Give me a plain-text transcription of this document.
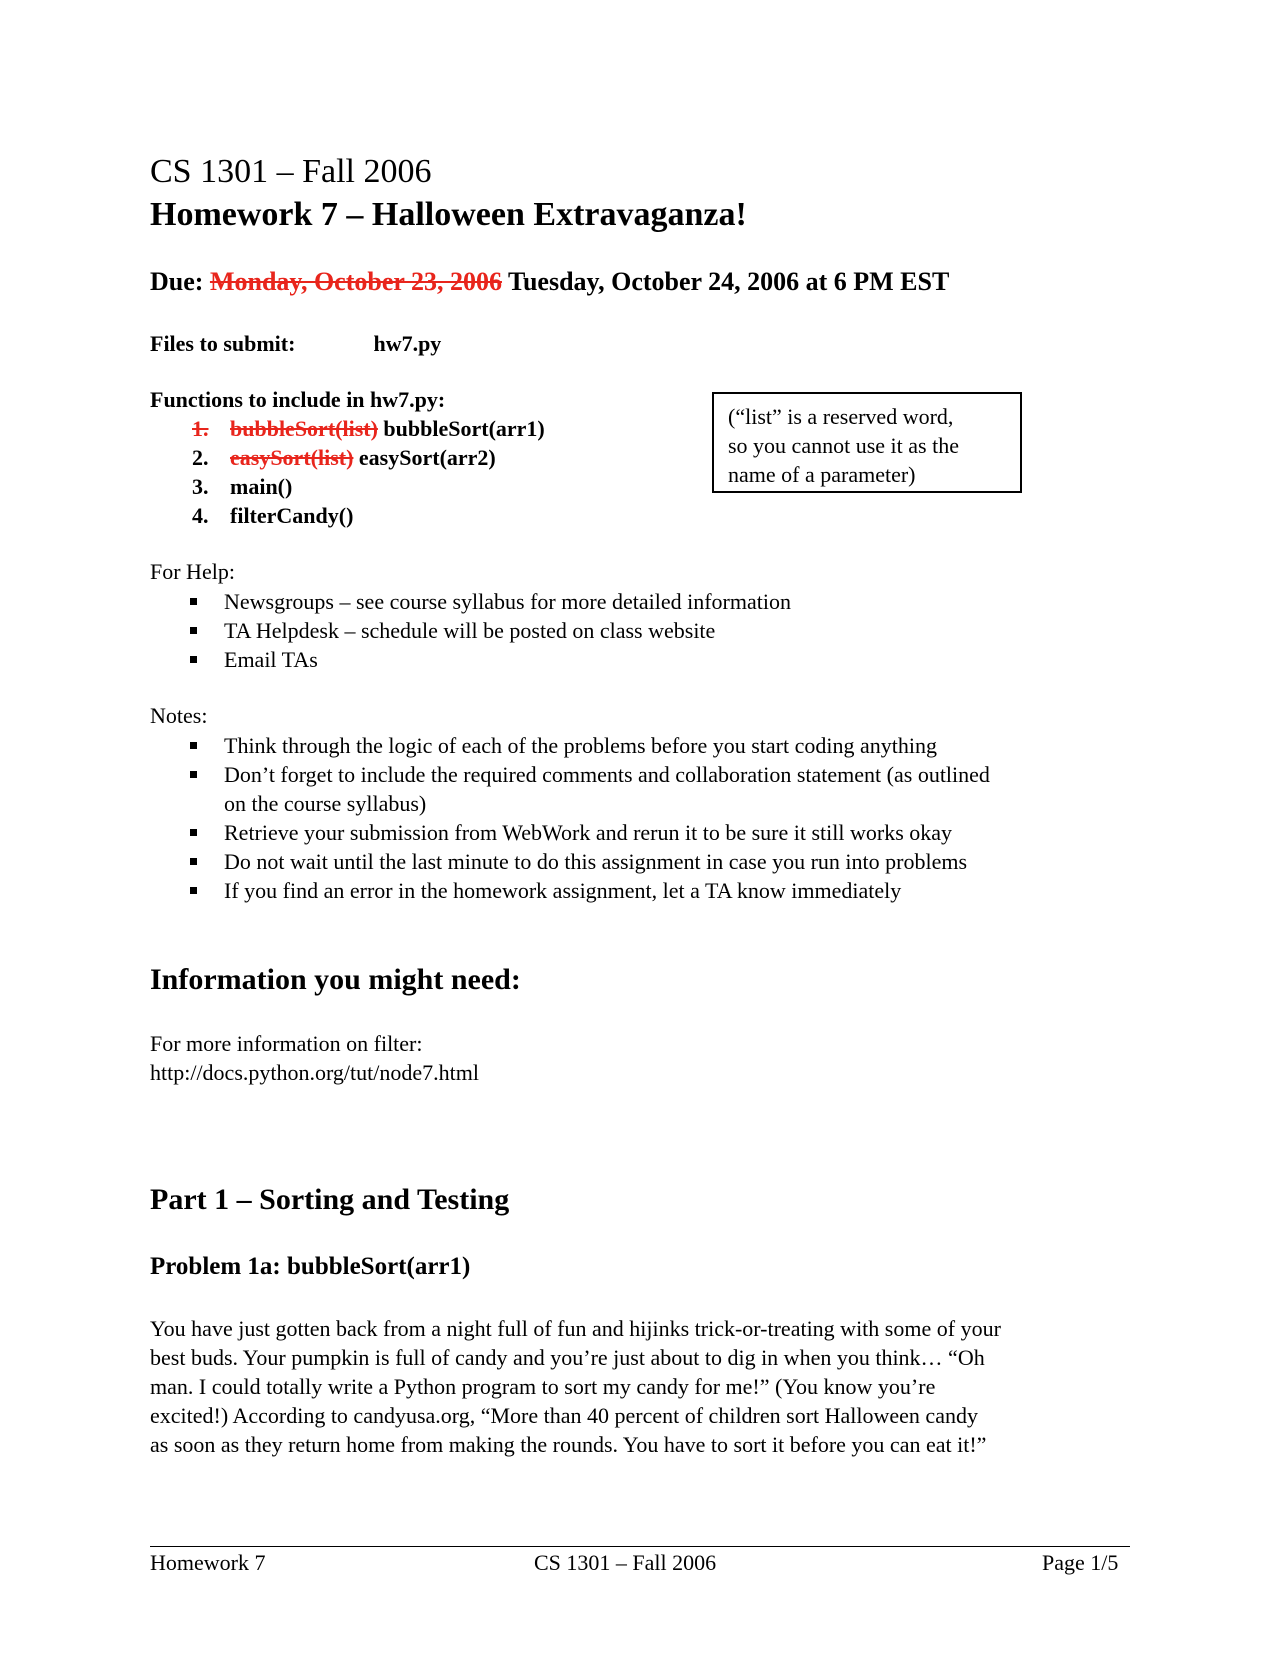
CS 1301 – Fall 2006
Homework 7 – Halloween Extravaganza!
Due: Monday, October 23, 2006 Tuesday, October 24, 2006 at 6 PM EST
Files to submit:	hw7.py
Functions to include in hw7.py:
1. bubbleSort(list) bubbleSort(arr1)
2. easySort(list) easySort(arr2)
3. main()
4. filterCandy()
(“list” is a reserved word,
so you cannot use it as the
name of a parameter)
For Help:
Newsgroups – see course syllabus for more detailed information
TA Helpdesk – schedule will be posted on class website
Email TAs
Notes:
Think through the logic of each of the problems before you start coding anything
Don’t forget to include the required comments and collaboration statement (as outlined
on the course syllabus)
Retrieve your submission from WebWork and rerun it to be sure it still works okay
Do not wait until the last minute to do this assignment in case you run into problems
If you find an error in the homework assignment, let a TA know immediately
Information you might need:
For more information on filter:
http://docs.python.org/tut/node7.html
Part 1 – Sorting and Testing
Problem 1a: bubbleSort(arr1)
You have just gotten back from a night full of fun and hijinks trick-or-treating with some of your
best buds. Your pumpkin is full of candy and you’re just about to dig in when you think… “Oh
man. I could totally write a Python program to sort my candy for me!” (You know you’re
excited!) According to candyusa.org, “More than 40 percent of children sort Halloween candy
as soon as they return home from making the rounds. You have to sort it before you can eat it!”
Homework 7	CS 1301 – Fall 2006	Page 1/5
